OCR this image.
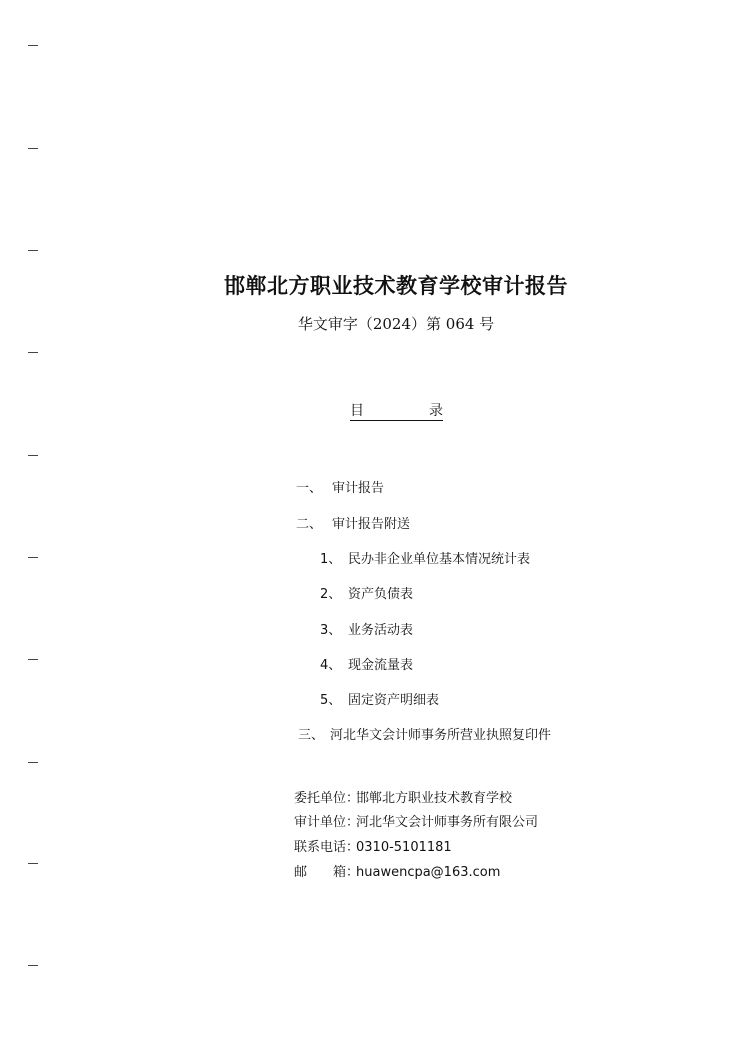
邯郸北方职业技术教育学校审计报告
华文审字（2024）第 064 号
目	录
一、 审计报告
二、 审计报告附送
1、 民办非企业单位基本情况统计表
2、 资产负债表
3、 业务活动表
4、 现金流量表
5、 固定资产明细表
三、 河北华文会计师事务所营业执照复印件
委托单位：邯郸北方职业技术教育学校
审计单位：河北华文会计师事务所有限公司
联系电话：0310-5101181
邮　　箱：huawencpa@163.com
